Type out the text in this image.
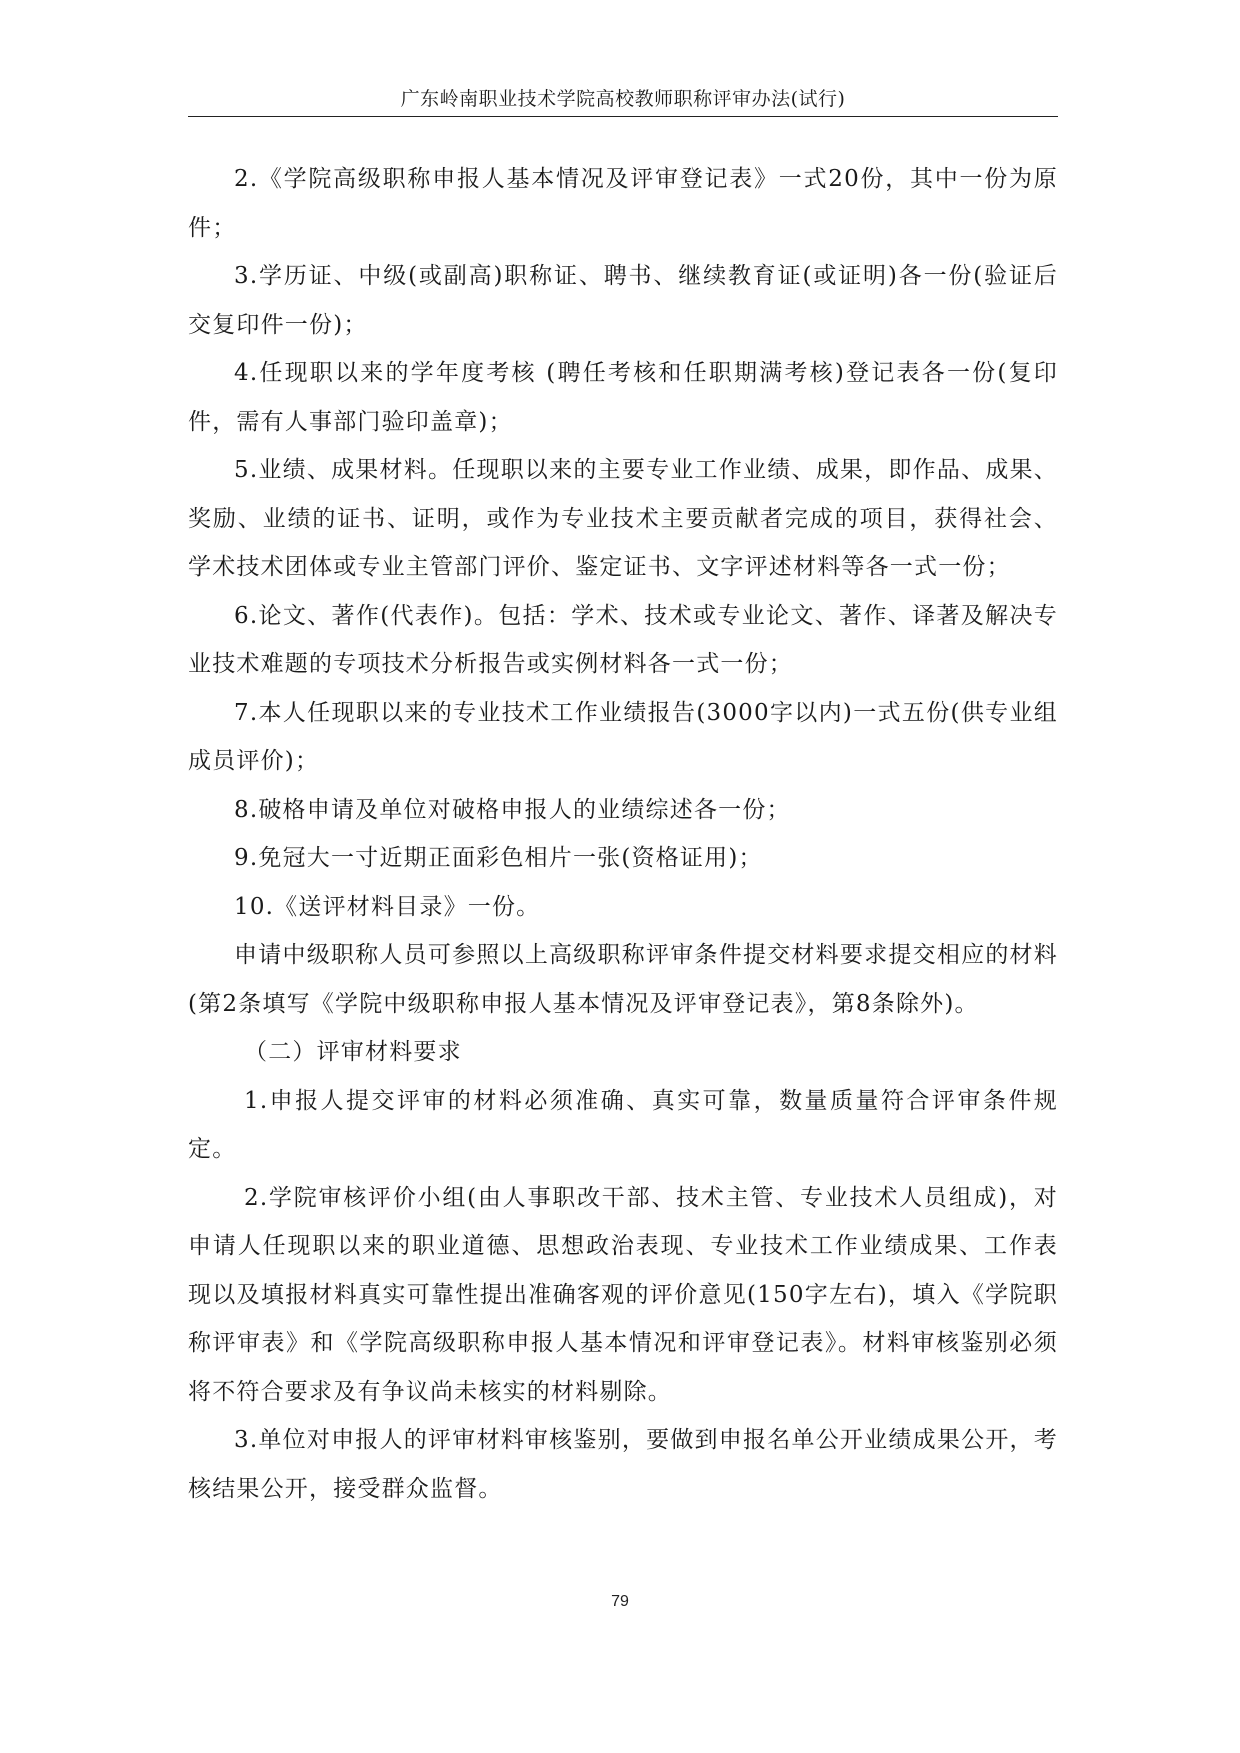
广东岭南职业技术学院高校教师职称评审办法(试行)

2.《学院高级职称申报人基本情况及评审登记表》一式20份，其中一份为原件；

3.学历证、中级(或副高)职称证、聘书、继续教育证(或证明)各一份(验证后交复印件一份)；

4.任现职以来的学年度考核 (聘任考核和任职期满考核)登记表各一份(复印件，需有人事部门验印盖章)；

5.业绩、成果材料。任现职以来的主要专业工作业绩、成果，即作品、成果、奖励、业绩的证书、证明，或作为专业技术主要贡献者完成的项目，获得社会、学术技术团体或专业主管部门评价、鉴定证书、文字评述材料等各一式一份；

6.论文、著作(代表作)。包括：学术、技术或专业论文、著作、译著及解决专业技术难题的专项技术分析报告或实例材料各一式一份；

7.本人任现职以来的专业技术工作业绩报告(3000字以内)一式五份(供专业组成员评价)；

8.破格申请及单位对破格申报人的业绩综述各一份；

9.免冠大一寸近期正面彩色相片一张(资格证用)；

10.《送评材料目录》一份。

申请中级职称人员可参照以上高级职称评审条件提交材料要求提交相应的材料(第2条填写《学院中级职称申报人基本情况及评审登记表》，第8条除外)。

（二）评审材料要求

1.申报人提交评审的材料必须准确、真实可靠，数量质量符合评审条件规定。

2.学院审核评价小组(由人事职改干部、技术主管、专业技术人员组成)，对申请人任现职以来的职业道德、思想政治表现、专业技术工作业绩成果、工作表现以及填报材料真实可靠性提出准确客观的评价意见(150字左右)，填入《学院职称评审表》和《学院高级职称申报人基本情况和评审登记表》。材料审核鉴别必须将不符合要求及有争议尚未核实的材料剔除。

3.单位对申报人的评审材料审核鉴别，要做到申报名单公开业绩成果公开，考核结果公开，接受群众监督。

79
